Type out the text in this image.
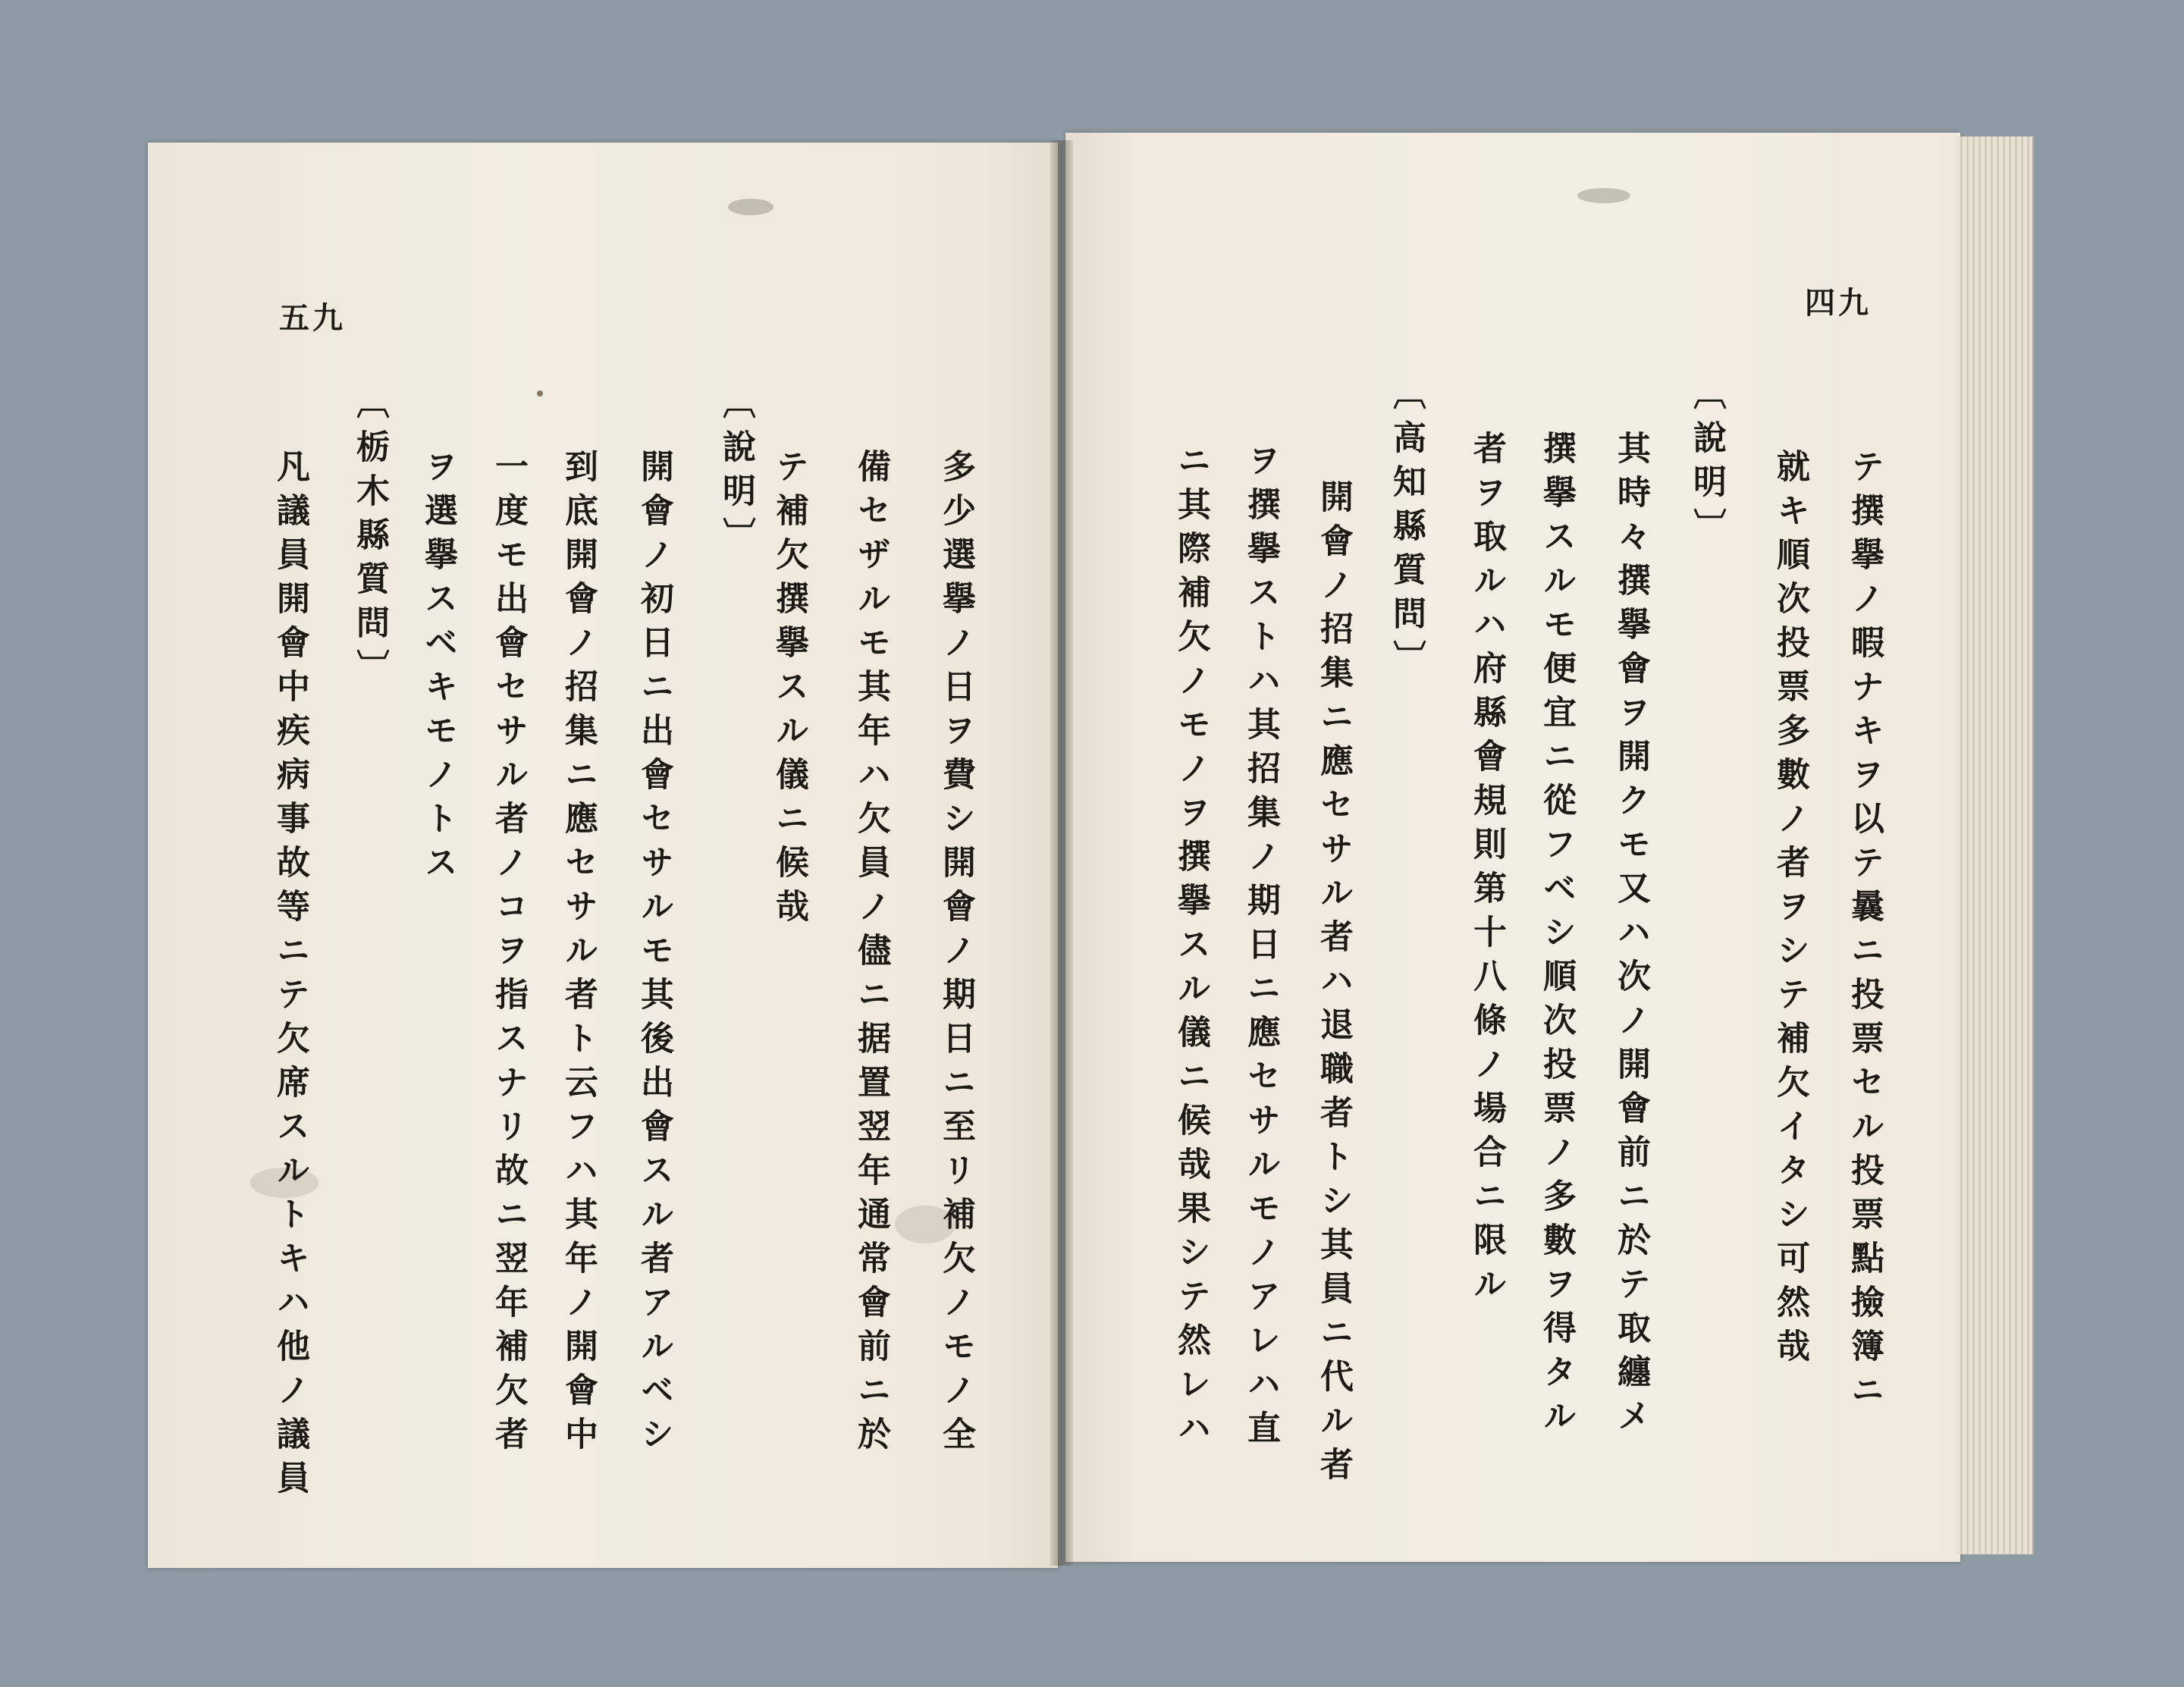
五九
多少選擧ノ日ヲ費シ開會ノ期日ニ至リ補欠ノモノ全
備セザルモ其年ハ欠員ノ儘ニ据置翌年通常會前ニ於
テ補欠撰擧スル儀ニ候哉
〔說明〕
開會ノ初日ニ出會セサルモ其後出會スル者アルベシ
到底開會ノ招集ニ應セサル者ト云フハ其年ノ開會中
一度モ出會セサル者ノコヲ指スナリ故ニ翌年補欠者
ヲ選擧スベキモノトス
〔栃木縣質問〕
凡議員開會中疾病事故等ニテ欠席スルトキハ他ノ議員
四九
テ撰擧ノ暇ナキヲ以テ曩ニ投票セル投票點撿簿ニ
就キ順次投票多數ノ者ヲシテ補欠イタシ可然哉
〔說明〕
其時々撰擧會ヲ開クモ又ハ次ノ開會前ニ於テ取纏メ
撰擧スルモ便宜ニ從フベシ順次投票ノ多數ヲ得タル
者ヲ取ルハ府縣會規則第十八條ノ場合ニ限ル
〔高知縣質問〕
開會ノ招集ニ應セサル者ハ退職者トシ其員ニ代ル者
ヲ撰擧ストハ其招集ノ期日ニ應セサルモノアレハ直
ニ其際補欠ノモノヲ撰擧スル儀ニ候哉果シテ然レハ
